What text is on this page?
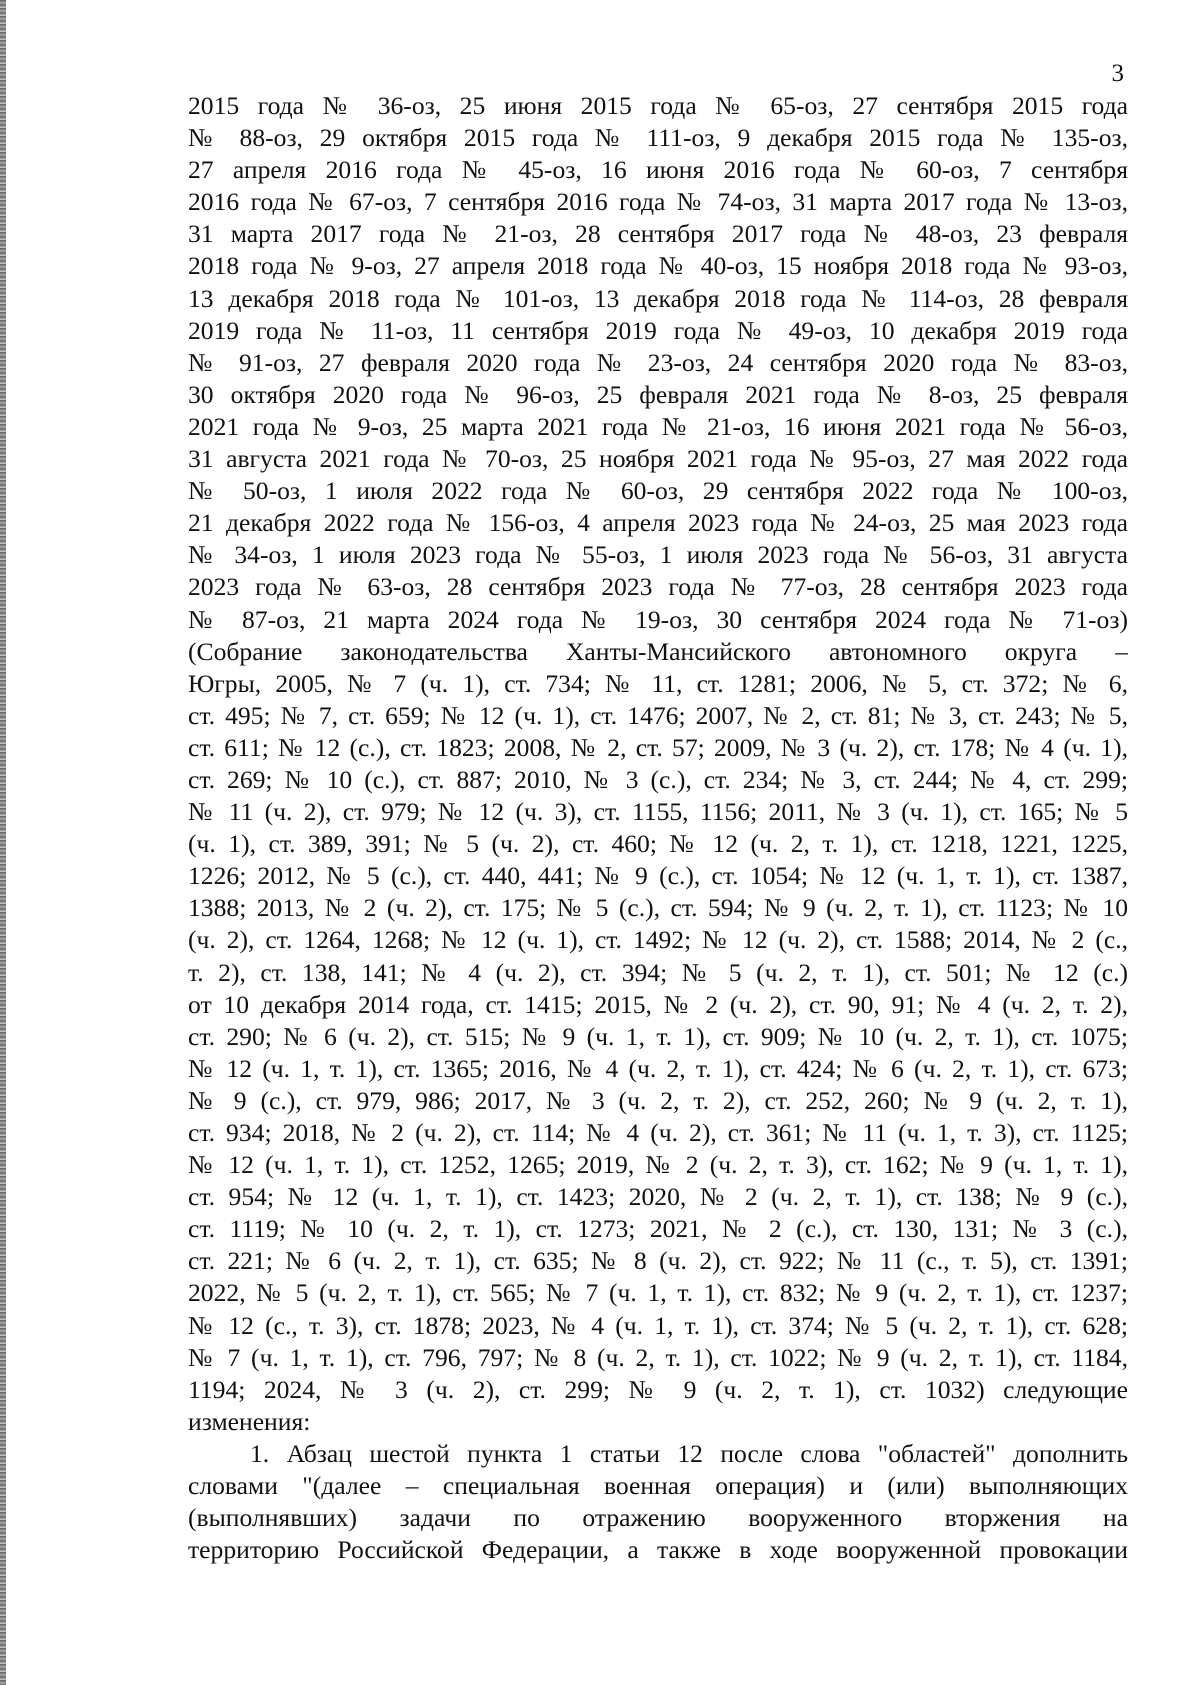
3

2015 года № 36-оз, 25 июня 2015 года № 65-оз, 27 сентября 2015 года

№ 88-оз, 29 октября 2015 года № 111-оз, 9 декабря 2015 года № 135-оз,

27 апреля 2016 года № 45-оз, 16 июня 2016 года № 60-оз, 7 сентября

2016 года № 67-оз, 7 сентября 2016 года № 74-оз, 31 марта 2017 года № 13-оз,

31 марта 2017 года № 21-оз, 28 сентября 2017 года № 48-оз, 23 февраля

2018 года № 9-оз, 27 апреля 2018 года № 40-оз, 15 ноября 2018 года № 93-оз,

13 декабря 2018 года № 101-оз, 13 декабря 2018 года № 114-оз, 28 февраля

2019 года № 11-оз, 11 сентября 2019 года № 49-оз, 10 декабря 2019 года

№ 91-оз, 27 февраля 2020 года № 23-оз, 24 сентября 2020 года № 83-оз,

30 октября 2020 года № 96-оз, 25 февраля 2021 года № 8-оз, 25 февраля

2021 года № 9-оз, 25 марта 2021 года № 21-оз, 16 июня 2021 года № 56-оз,

31 августа 2021 года № 70-оз, 25 ноября 2021 года № 95-оз, 27 мая 2022 года

№ 50-оз, 1 июля 2022 года № 60-оз, 29 сентября 2022 года № 100-оз,

21 декабря 2022 года № 156-оз, 4 апреля 2023 года № 24-оз, 25 мая 2023 года

№ 34-оз, 1 июля 2023 года № 55-оз, 1 июля 2023 года № 56-оз, 31 августа

2023 года № 63-оз, 28 сентября 2023 года № 77-оз, 28 сентября 2023 года

№ 87-оз, 21 марта 2024 года № 19-оз, 30 сентября 2024 года № 71-оз)

(Собрание законодательства Ханты-Мансийского автономного округа –

Югры, 2005, № 7 (ч. 1), ст. 734; № 11, ст. 1281; 2006, № 5, ст. 372; № 6,

ст. 495; № 7, ст. 659; № 12 (ч. 1), ст. 1476; 2007, № 2, ст. 81; № 3, ст. 243; № 5,

ст. 611; № 12 (с.), ст. 1823; 2008, № 2, ст. 57; 2009, № 3 (ч. 2), ст. 178; № 4 (ч. 1),

ст. 269; № 10 (с.), ст. 887; 2010, № 3 (с.), ст. 234; № 3, ст. 244; № 4, ст. 299;

№ 11 (ч. 2), ст. 979; № 12 (ч. 3), ст. 1155, 1156; 2011, № 3 (ч. 1), ст. 165; № 5

(ч. 1), ст. 389, 391; № 5 (ч. 2), ст. 460; № 12 (ч. 2, т. 1), ст. 1218, 1221, 1225,

1226; 2012, № 5 (с.), ст. 440, 441; № 9 (с.), ст. 1054; № 12 (ч. 1, т. 1), ст. 1387,

1388; 2013, № 2 (ч. 2), ст. 175; № 5 (с.), ст. 594; № 9 (ч. 2, т. 1), ст. 1123; № 10

(ч. 2), ст. 1264, 1268; № 12 (ч. 1), ст. 1492; № 12 (ч. 2), ст. 1588; 2014, № 2 (с.,

т. 2), ст. 138, 141; № 4 (ч. 2), ст. 394; № 5 (ч. 2, т. 1), ст. 501; № 12 (с.)

от 10 декабря 2014 года, ст. 1415; 2015, № 2 (ч. 2), ст. 90, 91; № 4 (ч. 2, т. 2),

ст. 290; № 6 (ч. 2), ст. 515; № 9 (ч. 1, т. 1), ст. 909; № 10 (ч. 2, т. 1), ст. 1075;

№ 12 (ч. 1, т. 1), ст. 1365; 2016, № 4 (ч. 2, т. 1), ст. 424; № 6 (ч. 2, т. 1), ст. 673;

№ 9 (с.), ст. 979, 986; 2017, № 3 (ч. 2, т. 2), ст. 252, 260; № 9 (ч. 2, т. 1),

ст. 934; 2018, № 2 (ч. 2), ст. 114; № 4 (ч. 2), ст. 361; № 11 (ч. 1, т. 3), ст. 1125;

№ 12 (ч. 1, т. 1), ст. 1252, 1265; 2019, № 2 (ч. 2, т. 3), ст. 162; № 9 (ч. 1, т. 1),

ст. 954; № 12 (ч. 1, т. 1), ст. 1423; 2020, № 2 (ч. 2, т. 1), ст. 138; № 9 (с.),

ст. 1119; № 10 (ч. 2, т. 1), ст. 1273; 2021, № 2 (с.), ст. 130, 131; № 3 (с.),

ст. 221; № 6 (ч. 2, т. 1), ст. 635; № 8 (ч. 2), ст. 922; № 11 (с., т. 5), ст. 1391;

2022, № 5 (ч. 2, т. 1), ст. 565; № 7 (ч. 1, т. 1), ст. 832; № 9 (ч. 2, т. 1), ст. 1237;

№ 12 (с., т. 3), ст. 1878; 2023, № 4 (ч. 1, т. 1), ст. 374; № 5 (ч. 2, т. 1), ст. 628;

№ 7 (ч. 1, т. 1), ст. 796, 797; № 8 (ч. 2, т. 1), ст. 1022; № 9 (ч. 2, т. 1), ст. 1184,

1194; 2024, № 3 (ч. 2), ст. 299; № 9 (ч. 2, т. 1), ст. 1032) следующие

изменения:

1. Абзац шестой пункта 1 статьи 12 после слова "областей" дополнить

словами "(далее – специальная военная операция) и (или) выполняющих

(выполнявших) задачи по отражению вооруженного вторжения на

территорию Российской Федерации, а также в ходе вооруженной провокации
